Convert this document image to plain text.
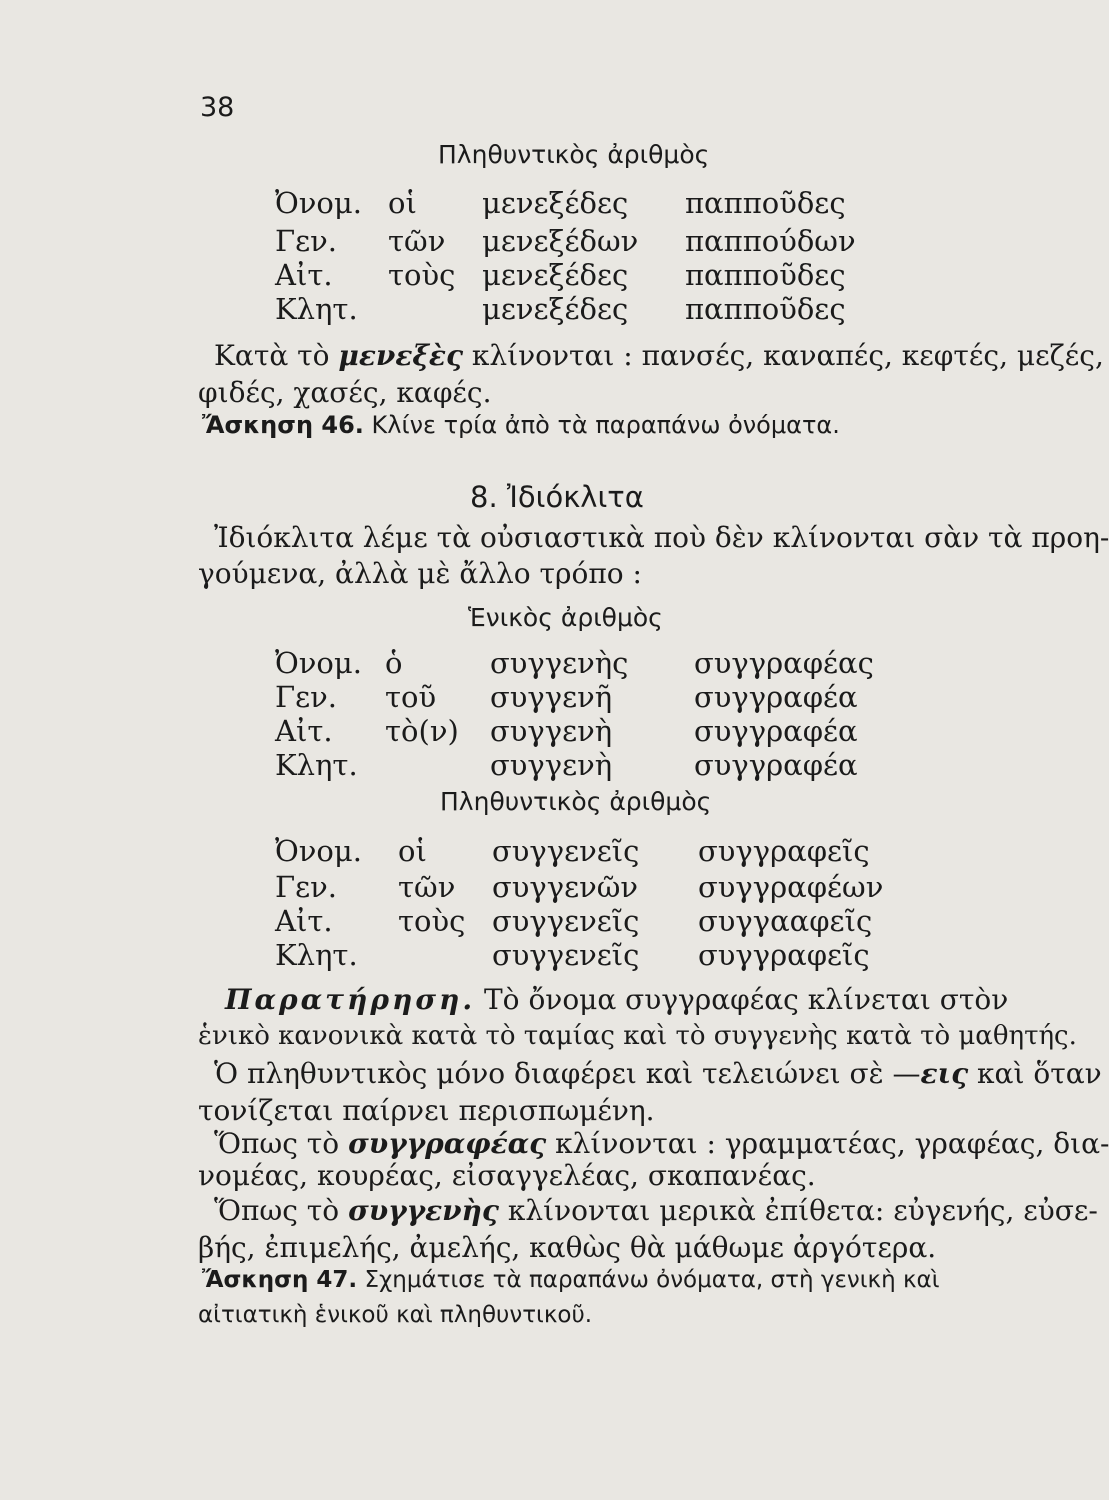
38
Πληθυντικὸς ἀριθμὸς
Ὀνομ. οἱ μενεξέδες παπποῦδες
Γεν. τῶν μενεξέδων παππούδων
Αἰτ. τοὺς μενεξέδες παπποῦδες
Κλητ.	μενεξέδες παπποῦδες
Κατὰ τὸ μενεξὲς κλίνονται : πανσές, καναπές, κεφτές, μεζές,
φιδές, χασές, καφές.
Ἄσκηση 46. Κλίνε τρία ἀπὸ τὰ παραπάνω ὀνόματα.
8. Ἰδιόκλιτα
Ἰδιόκλιτα λέμε τὰ οὐσιαστικὰ ποὺ δὲν κλίνονται σὰν τὰ προη-
γούμενα, ἀλλὰ μὲ ἄλλο τρόπο :
Ἑνικὸς ἀριθμὸς
Ὀνομ. ὁ	συγγενὴς συγγραφέας
Γεν. τοῦ συγγενῆ	συγγραφέα
Αἰτ. τὸ(ν) συγγενὴ	συγγραφέα
Κλητ.	συγγενὴ	συγγραφέα
Πληθυντικὸς ἀριθμὸς
Ὀνομ. οἱ συγγενεῖς συγγραφεῖς
Γεν. τῶν συγγενῶν συγγραφέων
Αἰτ. τοὺς συγγενεῖς συγγααφεῖς
Κλητ.	συγγενεῖς συγγραφεῖς
Παρατήρηση. Τὸ ὄνομα συγγραφέας κλίνεται στὸν
ἑνικὸ κανονικὰ κατὰ τὸ ταμίας καὶ τὸ συγγενὴς κατὰ τὸ μαθητής.
Ὁ πληθυντικὸς μόνο διαφέρει καὶ τελειώνει σὲ —εις καὶ ὅταν
τονίζεται παίρνει περισπωμένη.
Ὅπως τὸ συγγραφέας κλίνονται : γραμματέας, γραφέας, δια-
νομέας, κουρέας, εἰσαγγελέας, σκαπανέας.
Ὅπως τὸ συγγενὴς κλίνονται μερικὰ ἐπίθετα: εὐγενής, εὐσε-
βής, ἐπιμελής, ἀμελής, καθὼς θὰ μάθωμε ἀργότερα.
Ἄσκηση 47. Σχημάτισε τὰ παραπάνω ὀνόματα, στὴ γενικὴ καὶ
αἰτιατικὴ ἑνικοῦ καὶ πληθυντικοῦ.
